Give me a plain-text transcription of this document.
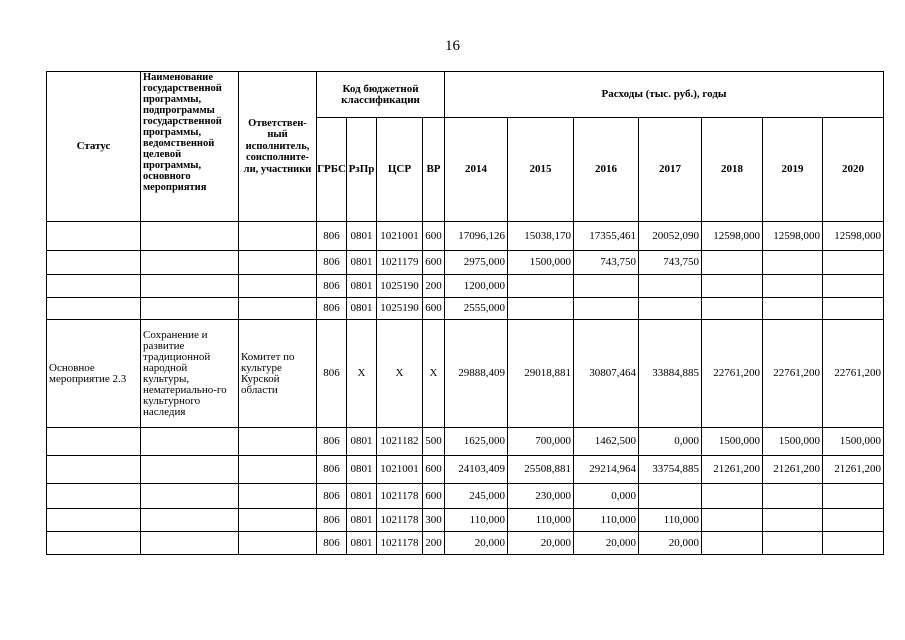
16
Статус	Наименование государственной программы, подпрограммы государственной программы, ведомственной целевой программы, основного мероприятия	Ответствен-ный исполнитель, соисполните-ли, участники	Код бюджетной классификации				Расходы (тыс. руб.), годы						
			ГРБС	РзПр	ЦСР	ВР	2014	2015	2016	2017	2018	2019	2020
			806	0801	1021001	600	17096,126	15038,170	17355,461	20052,090	12598,000	12598,000	12598,000
			806	0801	1021179	600	2975,000	1500,000	743,750	743,750			
			806	0801	1025190	200	1200,000						
			806	0801	1025190	600	2555,000						
Основное мероприятие 2.3	Сохранение и развитие традиционной народной культуры, нематериально-го культурного наследия	Комитет по культуре Курской области	806	Х	Х	Х	29888,409	29018,881	30807,464	33884,885	22761,200	22761,200	22761,200
			806	0801	1021182	500	1625,000	700,000	1462,500	0,000	1500,000	1500,000	1500,000
			806	0801	1021001	600	24103,409	25508,881	29214,964	33754,885	21261,200	21261,200	21261,200
			806	0801	1021178	600	245,000	230,000	0,000				
			806	0801	1021178	300	110,000	110,000	110,000	110,000			
			806	0801	1021178	200	20,000	20,000	20,000	20,000			
